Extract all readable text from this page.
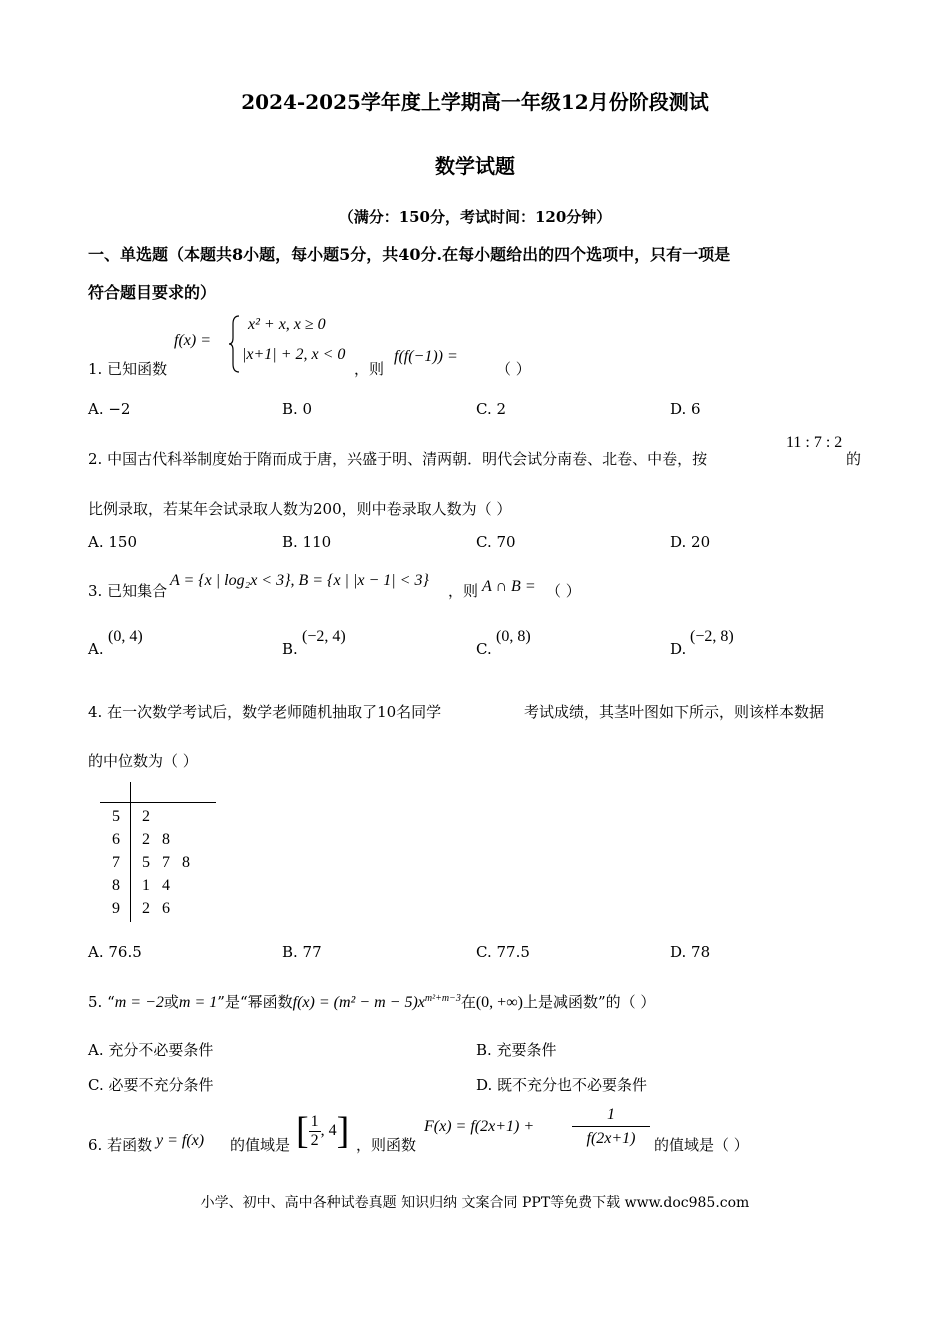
2024-2025学年度上学期高一年级12月份阶段测试
数学试题
（满分：150分，考试时间：120分钟）
一、单选题（本题共8小题，每小题5分，共40分.在每小题给出的四个选项中，只有一项是
符合题目要求的）
1. 已知函数
f(x) =
x² + x, x ≥ 0
|x+1| + 2, x < 0
，则
f(f(−1)) =
（ ）
A. −2	B. 0	C. 2	D. 6
2. 中国古代科举制度始于隋而成于唐，兴盛于明、清两朝．明代会试分南卷、北卷、中卷，按
11 : 7 : 2
的
比例录取，若某年会试录取人数为200，则中卷录取人数为（ ）
A. 150	B. 110	C. 70	D. 20
3. 已知集合
A = {x | log₂x < 3}, B = {x | |x − 1| < 3}
，则 A ∩ B = （ ）
A.
(0, 4)
B.
(−2, 4)
C.
(0, 8)
D.
(−2, 8)
4. 在一次数学考试后，数学老师随机抽取了10名同学	考试成绩，其茎叶图如下所示，则该样本数据
的中位数为（ ）
5 2
6 2   8
7 5   7   8
8 1   4
9 2   6
A. 76.5	B. 77	C. 77.5	D. 78
5. “m = −2或m = 1”是“幂函数$f(x) = (m^2 - m - 5)x^{m^2+m-3}$在(0, +∞)上是减函数”的（ ）
A. 充分不必要条件	B. 充要条件
C. 必要不充分条件	D. 既不充分也不必要条件
6. 若函数 y = f(x) 的值域是 [ $\frac{1}{2}$ , 4] ，则函数
$F(x) = f(2x+1) + \frac{1}{f(2x+1)}$ 的值域是（ ）
小学、初中、高中各种试卷真题 知识归纳 文案合同 PPT等免费下载 www.doc985.com
